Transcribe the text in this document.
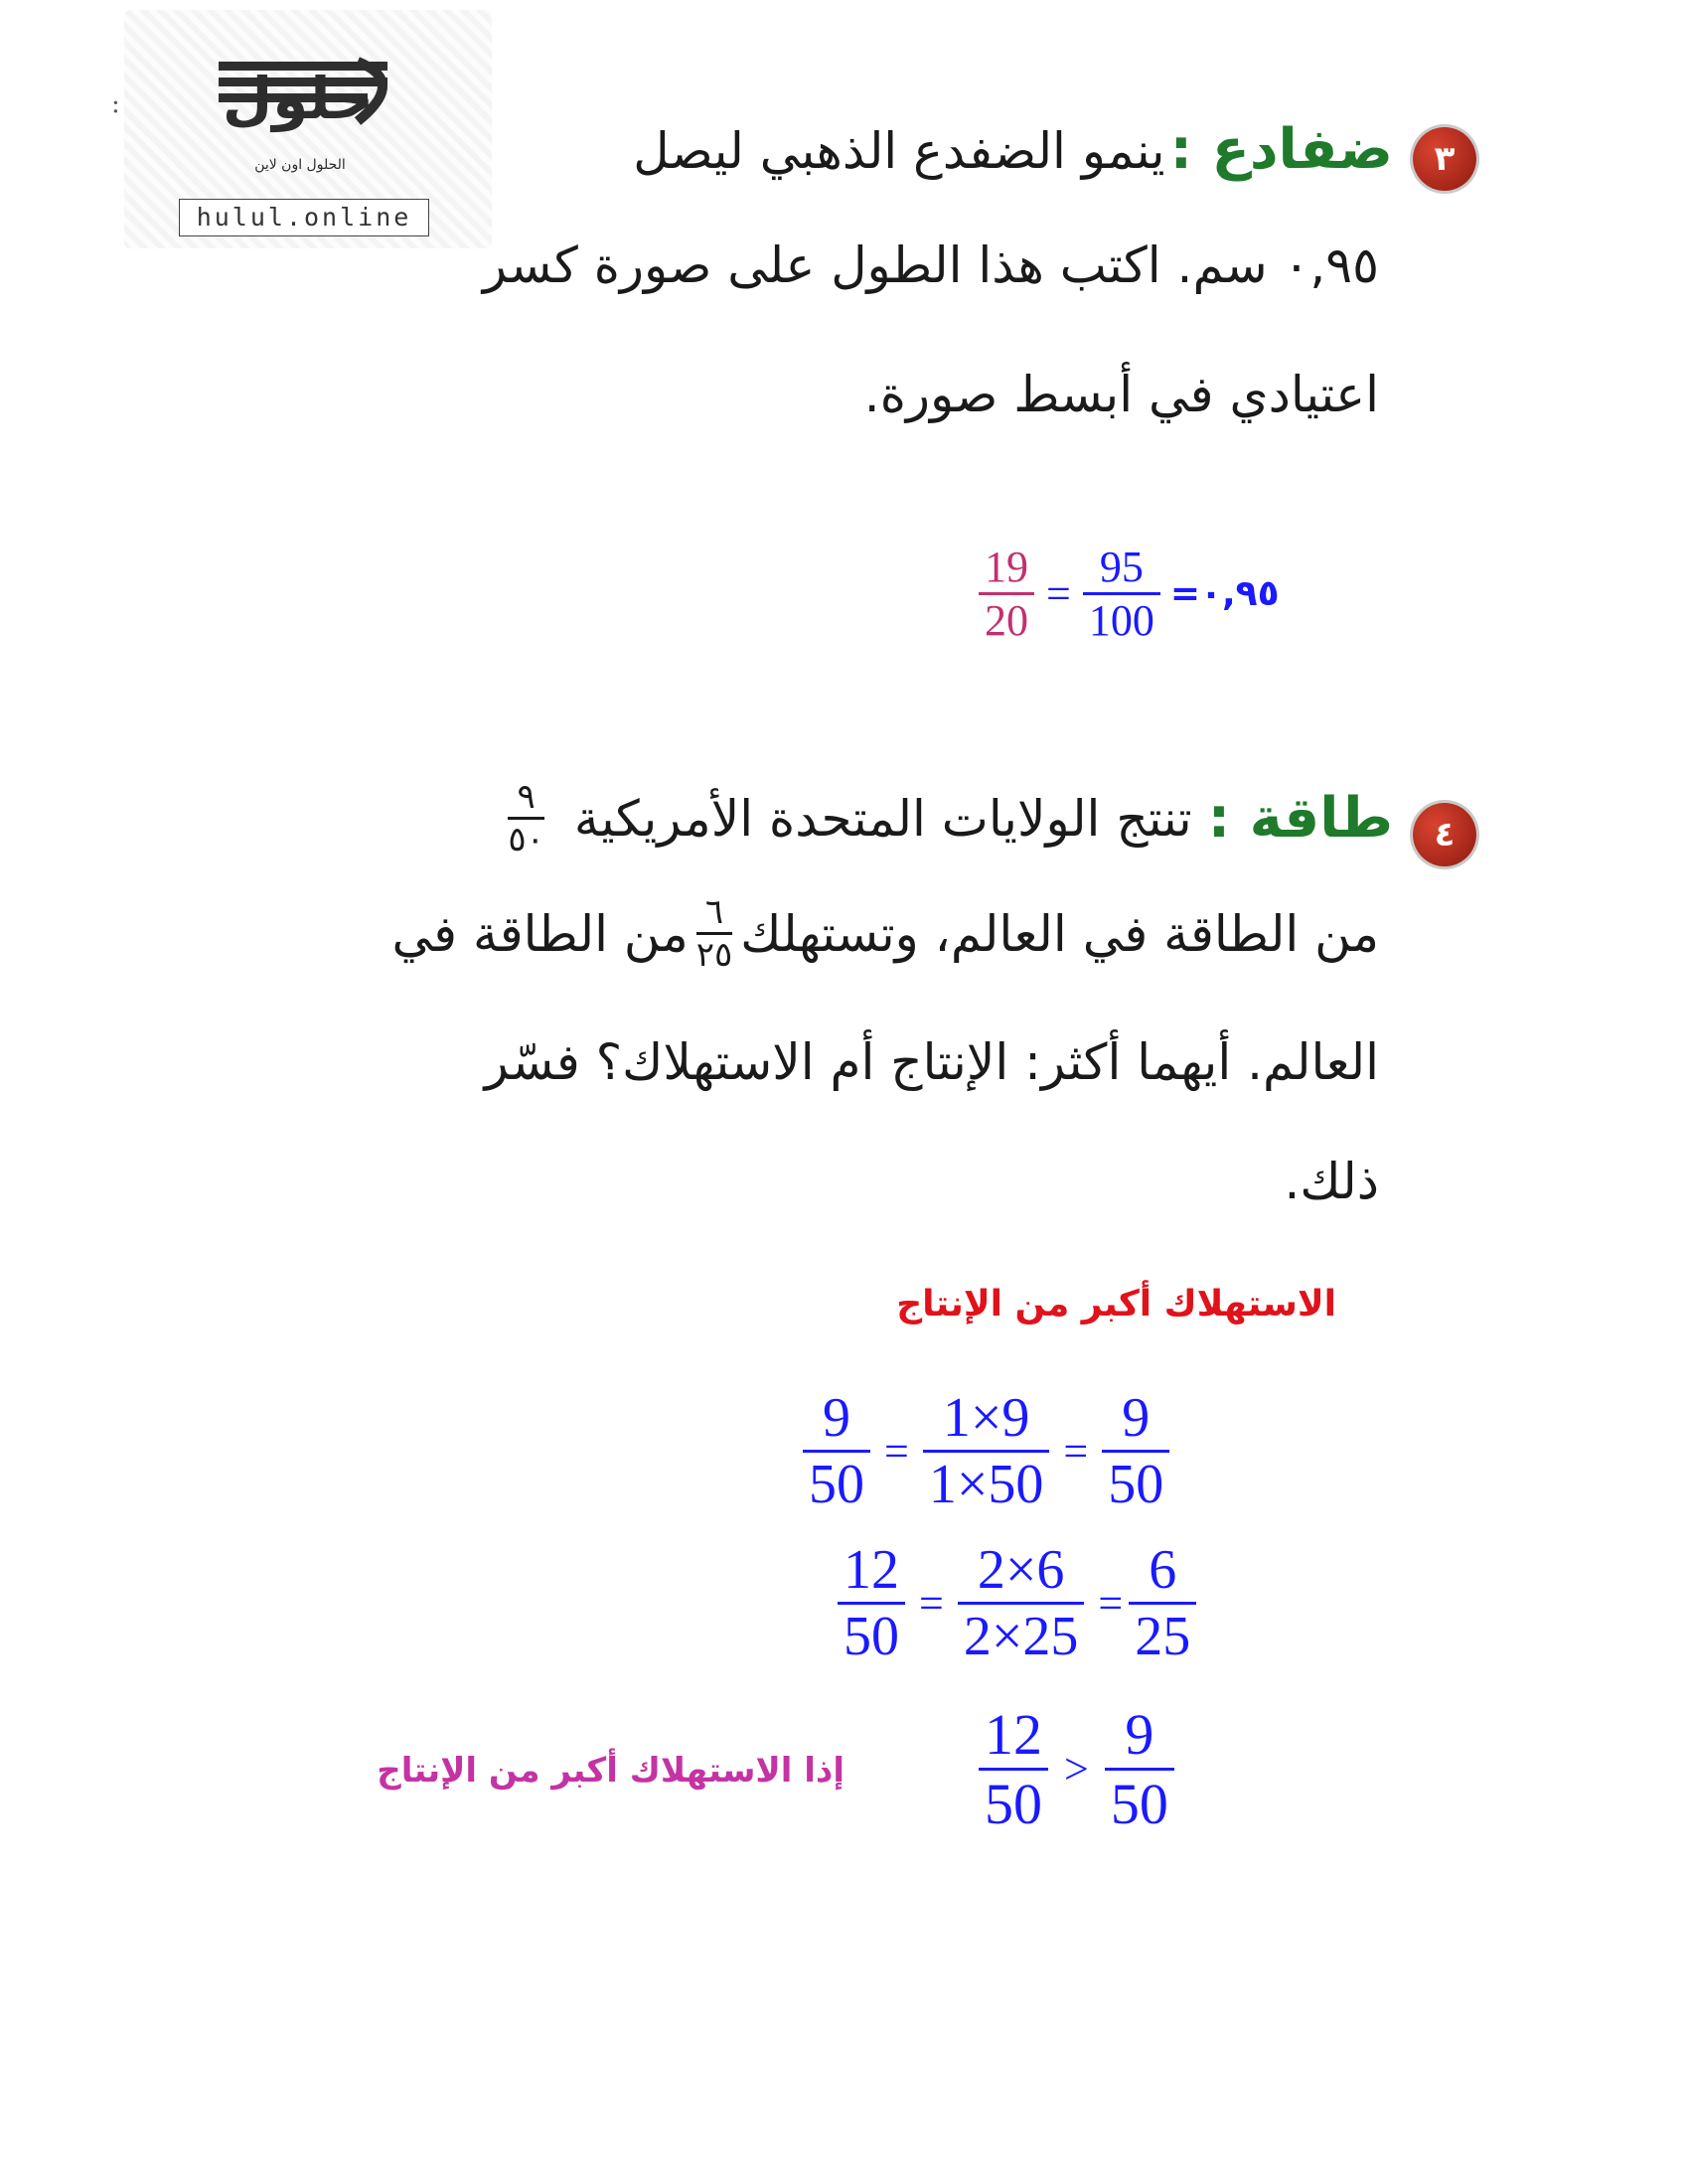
حلول
الحلول اون لاين
hulul.online
:
٣
ضفادع : ينمو الضفدع الذهبي ليصل
٠,٩٥ سم. اكتب هذا الطول على صورة كسر
اعتيادي في أبسط صورة.
$\frac{19}{20} = \frac{95}{100}$ =٠,٩٥
٤
طاقة :
تنتج الولايات المتحدة الأمريكية
$\frac{٩}{٥٠}$
من الطاقة في العالم، وتستهلك
$\frac{٦}{٢٥}$
من الطاقة في
العالم. أيهما أكثر: الإنتاج أم الاستهلاك؟ فسّر
ذلك.
الاستهلاك أكبر من الإنتاج
$\frac{9}{50} = \frac{1\times 9}{1\times 50} = \frac{9}{50}$
$\frac{12}{50} = \frac{2\times 6}{2\times 25} = \frac{6}{25}$
$\frac{12}{50} > \frac{9}{50}$
إذا الاستهلاك أكبر من الإنتاج
